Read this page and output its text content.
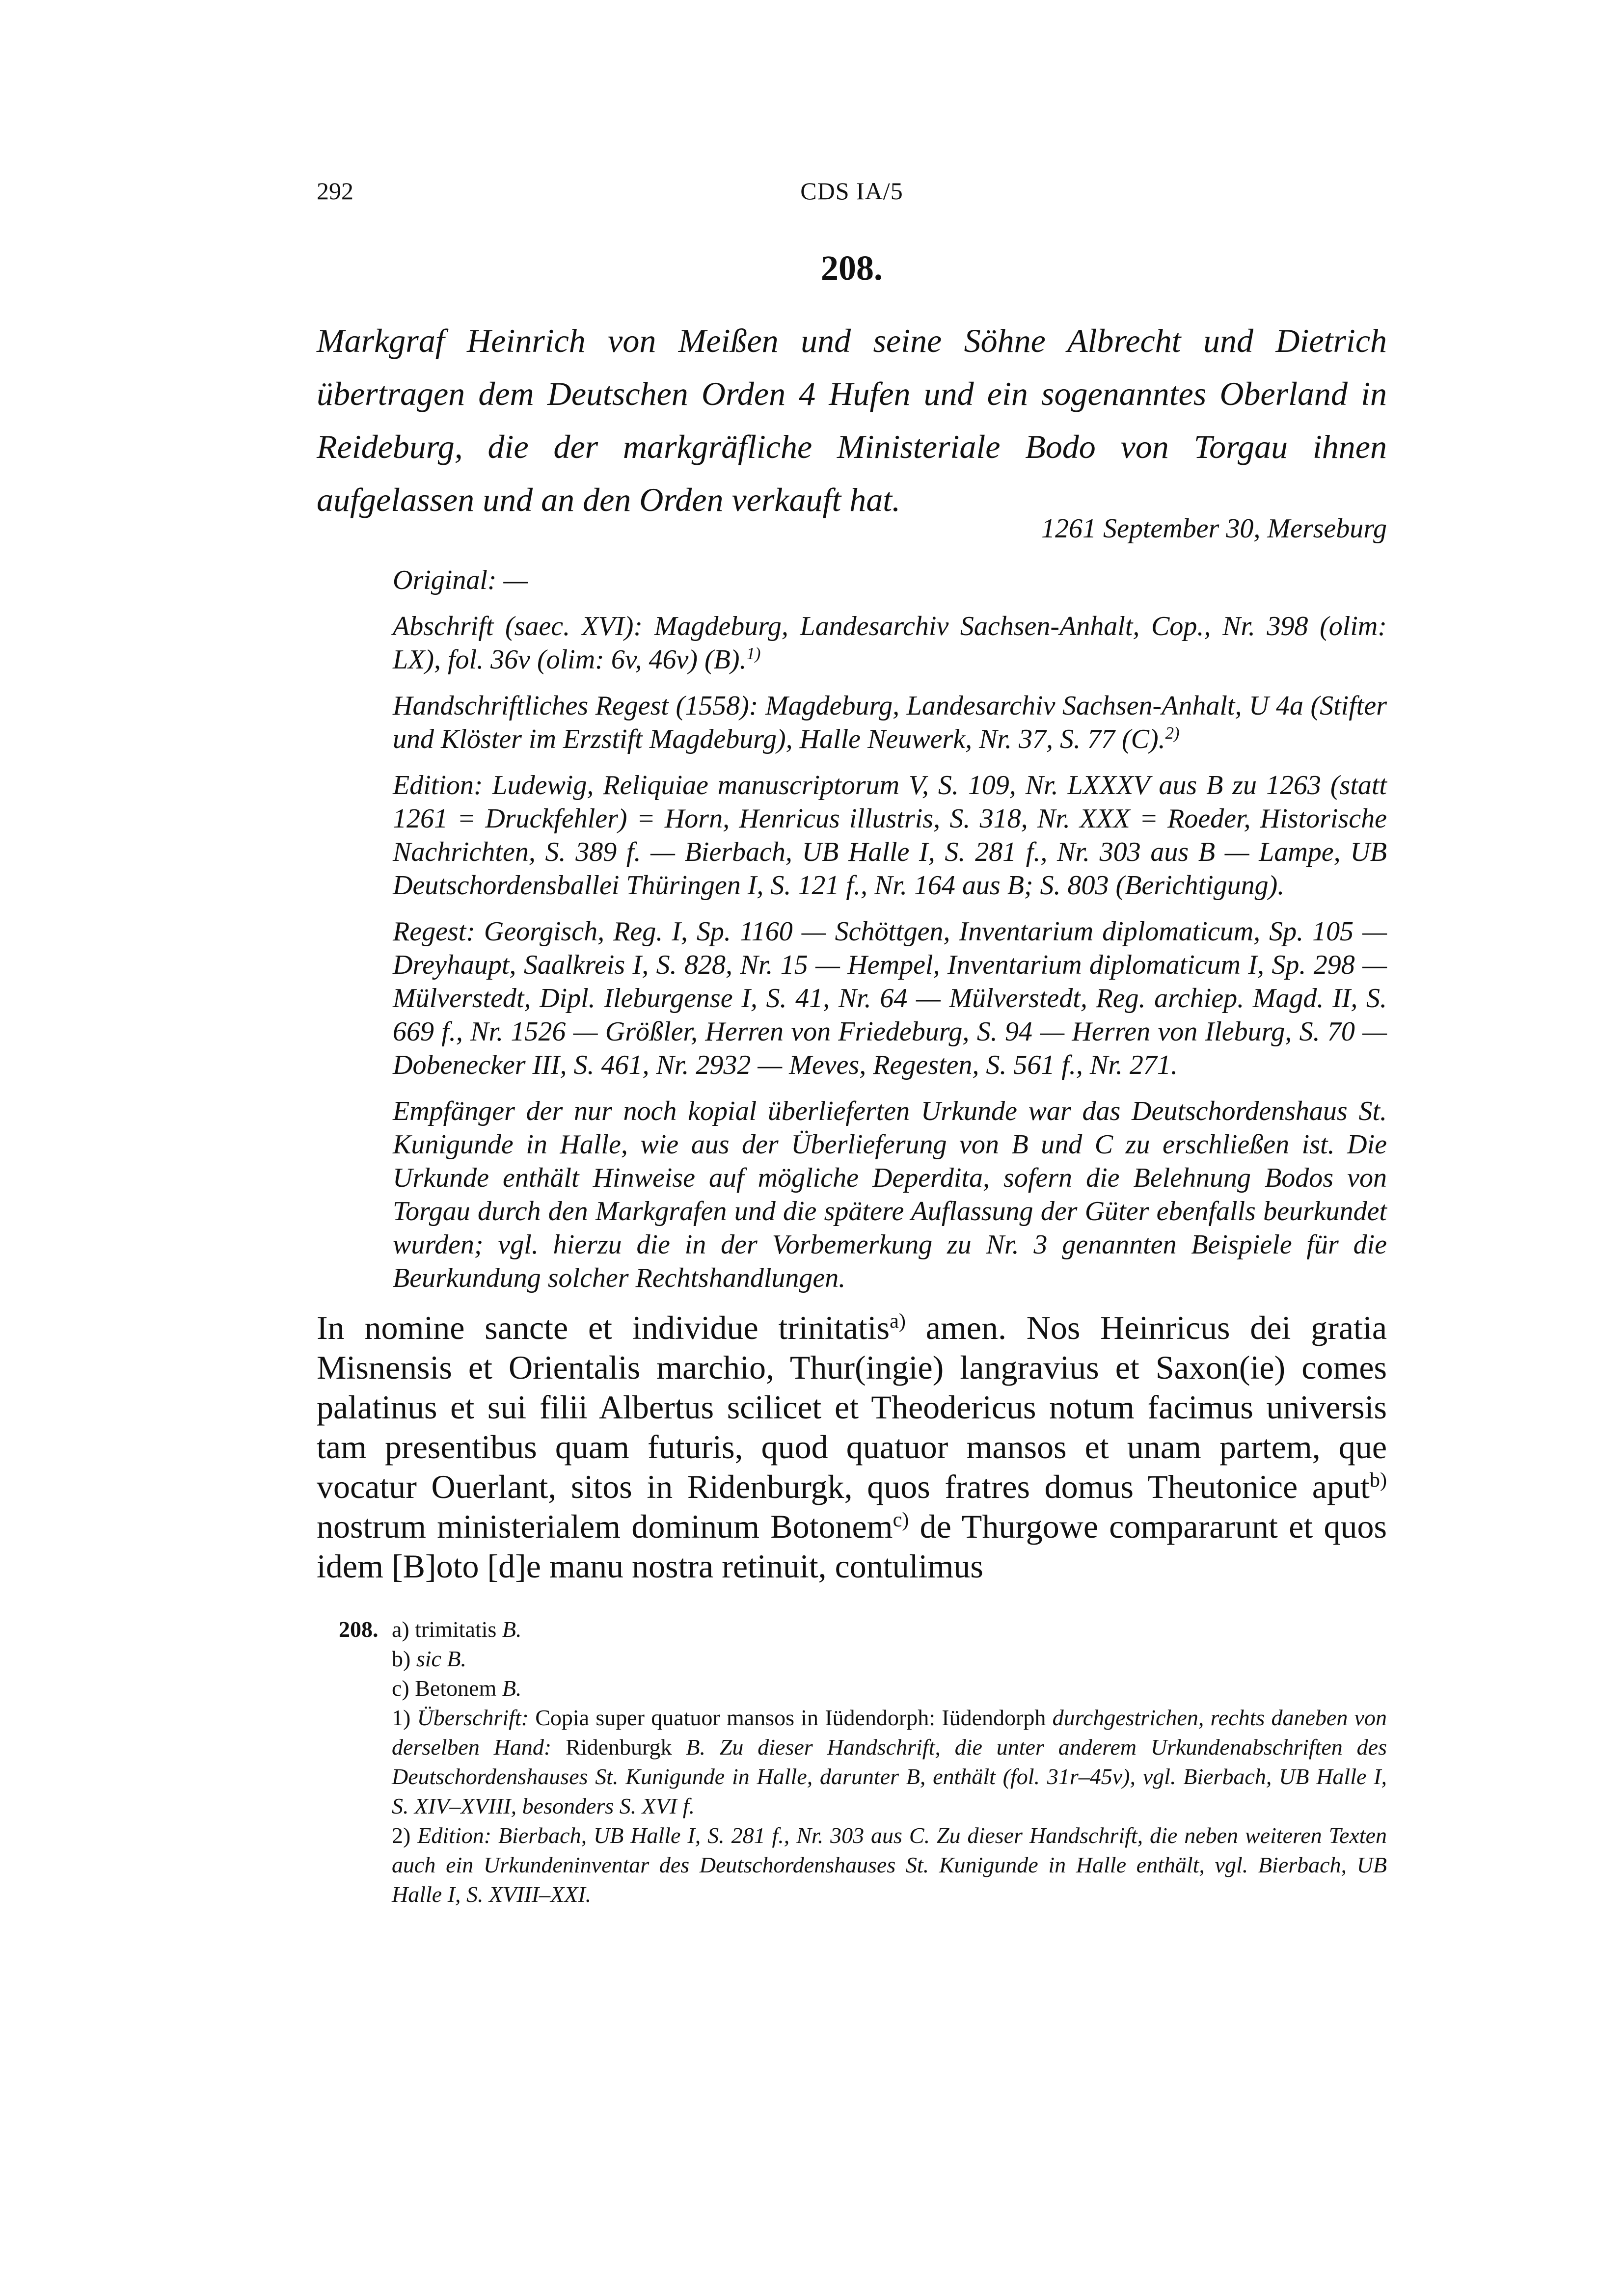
292	CDS IA/5
208.

Markgraf Heinrich von Meißen und seine Söhne Albrecht und Dietrich übertragen dem Deutschen Orden 4 Hufen und ein sogenanntes Oberland in Reideburg, die der markgräfliche Ministeriale Bodo von Torgau ihnen aufgelassen und an den Orden verkauft hat.

1261 September 30, Merseburg

Original: —

Abschrift (saec. XVI): Magdeburg, Landesarchiv Sachsen-Anhalt, Cop., Nr. 398 (olim: LX), fol. 36v (olim: 6v, 46v) (B).$^{1)}$

Handschriftliches Regest (1558): Magdeburg, Landesarchiv Sachsen-Anhalt, U 4a (Stifter und Klöster im Erzstift Magdeburg), Halle Neuwerk, Nr. 37, S. 77 (C).$^{2)}$

Edition: Ludewig, Reliquiae manuscriptorum V, S. 109, Nr. LXXXV aus B zu 1263 (statt 1261 = Druckfehler) = Horn, Henricus illustris, S. 318, Nr. XXX = Roeder, Historische Nachrichten, S. 389 f. — Bierbach, UB Halle I, S. 281 f., Nr. 303 aus B — Lampe, UB Deutschordensballei Thüringen I, S. 121 f., Nr. 164 aus B; S. 803 (Berichtigung).

Regest: Georgisch, Reg. I, Sp. 1160 — Schöttgen, Inventarium diplomaticum, Sp. 105 — Dreyhaupt, Saalkreis I, S. 828, Nr. 15 — Hempel, Inventarium diplomaticum I, Sp. 298 — Mülverstedt, Dipl. Ileburgense I, S. 41, Nr. 64 — Mülverstedt, Reg. archiep. Magd. II, S. 669 f., Nr. 1526 — Größler, Herren von Friedeburg, S. 94 — Herren von Ileburg, S. 70 — Dobenecker III, S. 461, Nr. 2932 — Meves, Regesten, S. 561 f., Nr. 271.

Empfänger der nur noch kopial überlieferten Urkunde war das Deutschordenshaus St. Kunigunde in Halle, wie aus der Überlieferung von B und C zu erschließen ist. Die Urkunde enthält Hinweise auf mögliche Deperdita, sofern die Belehnung Bodos von Torgau durch den Markgrafen und die spätere Auflassung der Güter ebenfalls beurkundet wurden; vgl. hierzu die in der Vorbemerkung zu Nr. 3 genannten Beispiele für die Beurkundung solcher Rechtshandlungen.

In nomine sancte et individue trinitatis$^{a)}$ amen. Nos Heinricus dei gratia Misnensis et Orientalis marchio, Thur(ingie) langravius et Saxon(ie) comes palatinus et sui filii Albertus scilicet et Theodericus notum facimus universis tam presentibus quam futuris, quod quatuor mansos et unam partem, que vocatur Ouerlant, sitos in Ridenburgk, quos fratres domus Theutonice aput$^{b)}$ nostrum ministerialem dominum Botonem$^{c)}$ de Thurgowe compararunt et quos idem [B]oto [d]e manu nostra retinuit, contulimus

208. a) trimitatis B.

b) sic B.

c) Betonem B.

1) Überschrift: Copia super quatuor mansos in Iüdendorph: Iüdendorph durchgestrichen, rechts daneben von derselben Hand: Ridenburgk B. Zu dieser Handschrift, die unter anderem Urkundenabschriften des Deutschordenshauses St. Kunigunde in Halle, darunter B, enthält (fol. 31r–45v), vgl. Bierbach, UB Halle I, S. XIV–XVIII, besonders S. XVI f.

2) Edition: Bierbach, UB Halle I, S. 281 f., Nr. 303 aus C. Zu dieser Handschrift, die neben weiteren Texten auch ein Urkundeninventar des Deutschordenshauses St. Kunigunde in Halle enthält, vgl. Bierbach, UB Halle I, S. XVIII–XXI.
